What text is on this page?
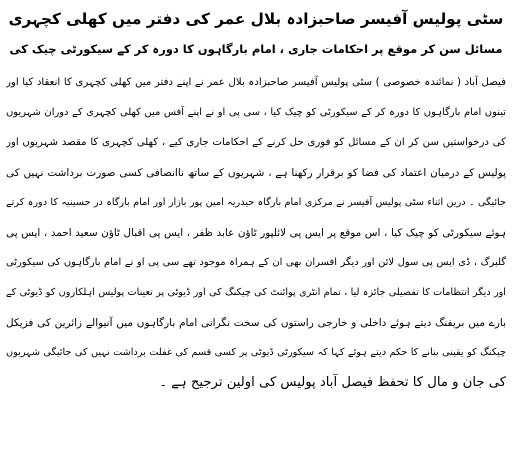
سٹی پولیس آفیسر صاحبزادہ بلال عمر کی دفتر میں کھلی کچہری
مسائل سن کر موقع پر احکامات جاری ، امام بارگاہوں کا دورہ کر کے سیکورٹی چیک کی
فیصل آباد ( نمائندہ خصوصی ) سٹی پولیس آفیسر صاحبزادہ بلال عمر نے اپنے دفتر میں کھلی کچہری کا انعقاد کیا اور
تینوں امام بارگاہوں کا دورہ کر کے سیکورٹی کو چیک کیا ، سی پی او نے اپنے آفس میں کھلی کچہری کے دوران شہریوں
کی درخواستیں سن کر ان کے مسائل کو فوری حل کرنے کے احکامات جاری کیے ، کھلی کچہری کا مقصد شہریوں اور
پولیس کے درمیان اعتماد کی فضا کو برقرار رکھنا ہے ، شہریوں کے ساتھ ناانصافی کسی صورت برداشت نہیں کی
جائیگی ۔ دریں اثناء سٹی پولیس آفیسر نے مرکزی امام بارگاہ حیدریہ امین پور بازار اور امام بارگاہ در حسینیہ کا دورہ کرتے
ہوئے سیکورٹی کو چیک کیا ، اس موقع پر ایس پی لائلپور ٹاؤن عابد ظفر ، ایس پی اقبال ٹاؤن سعید احمد ، ایس پی
گلبرگ ، ڈی ایس پی سول لائن اور دیگر افسران بھی ان کے ہمراہ موجود تھے سی پی او نے امام بارگاہوں کی سیکورٹی
اور دیگر انتظامات کا تفصیلی جائزہ لیا ، تمام انٹری پوائنٹ کی چیکنگ کی اور ڈیوٹی پر تعینات پولیس اہلکاروں کو ڈیوٹی کے
بارے میں بریفنگ دیتے ہوئے داخلی و خارجی راستوں کی سخت نگرانی امام بارگاہوں میں آنیوالے زائرین کی فزیکل
چیکنگ کو یقینی بنانے کا حکم دیتے ہوئے کہا کہ سیکورٹی ڈیوٹی پر کسی قسم کی غفلت برداشت نہیں کی جائیگی شہریوں
کی جان و مال کا تحفظ فیصل آباد پولیس کی اولین ترجیح ہے ۔
